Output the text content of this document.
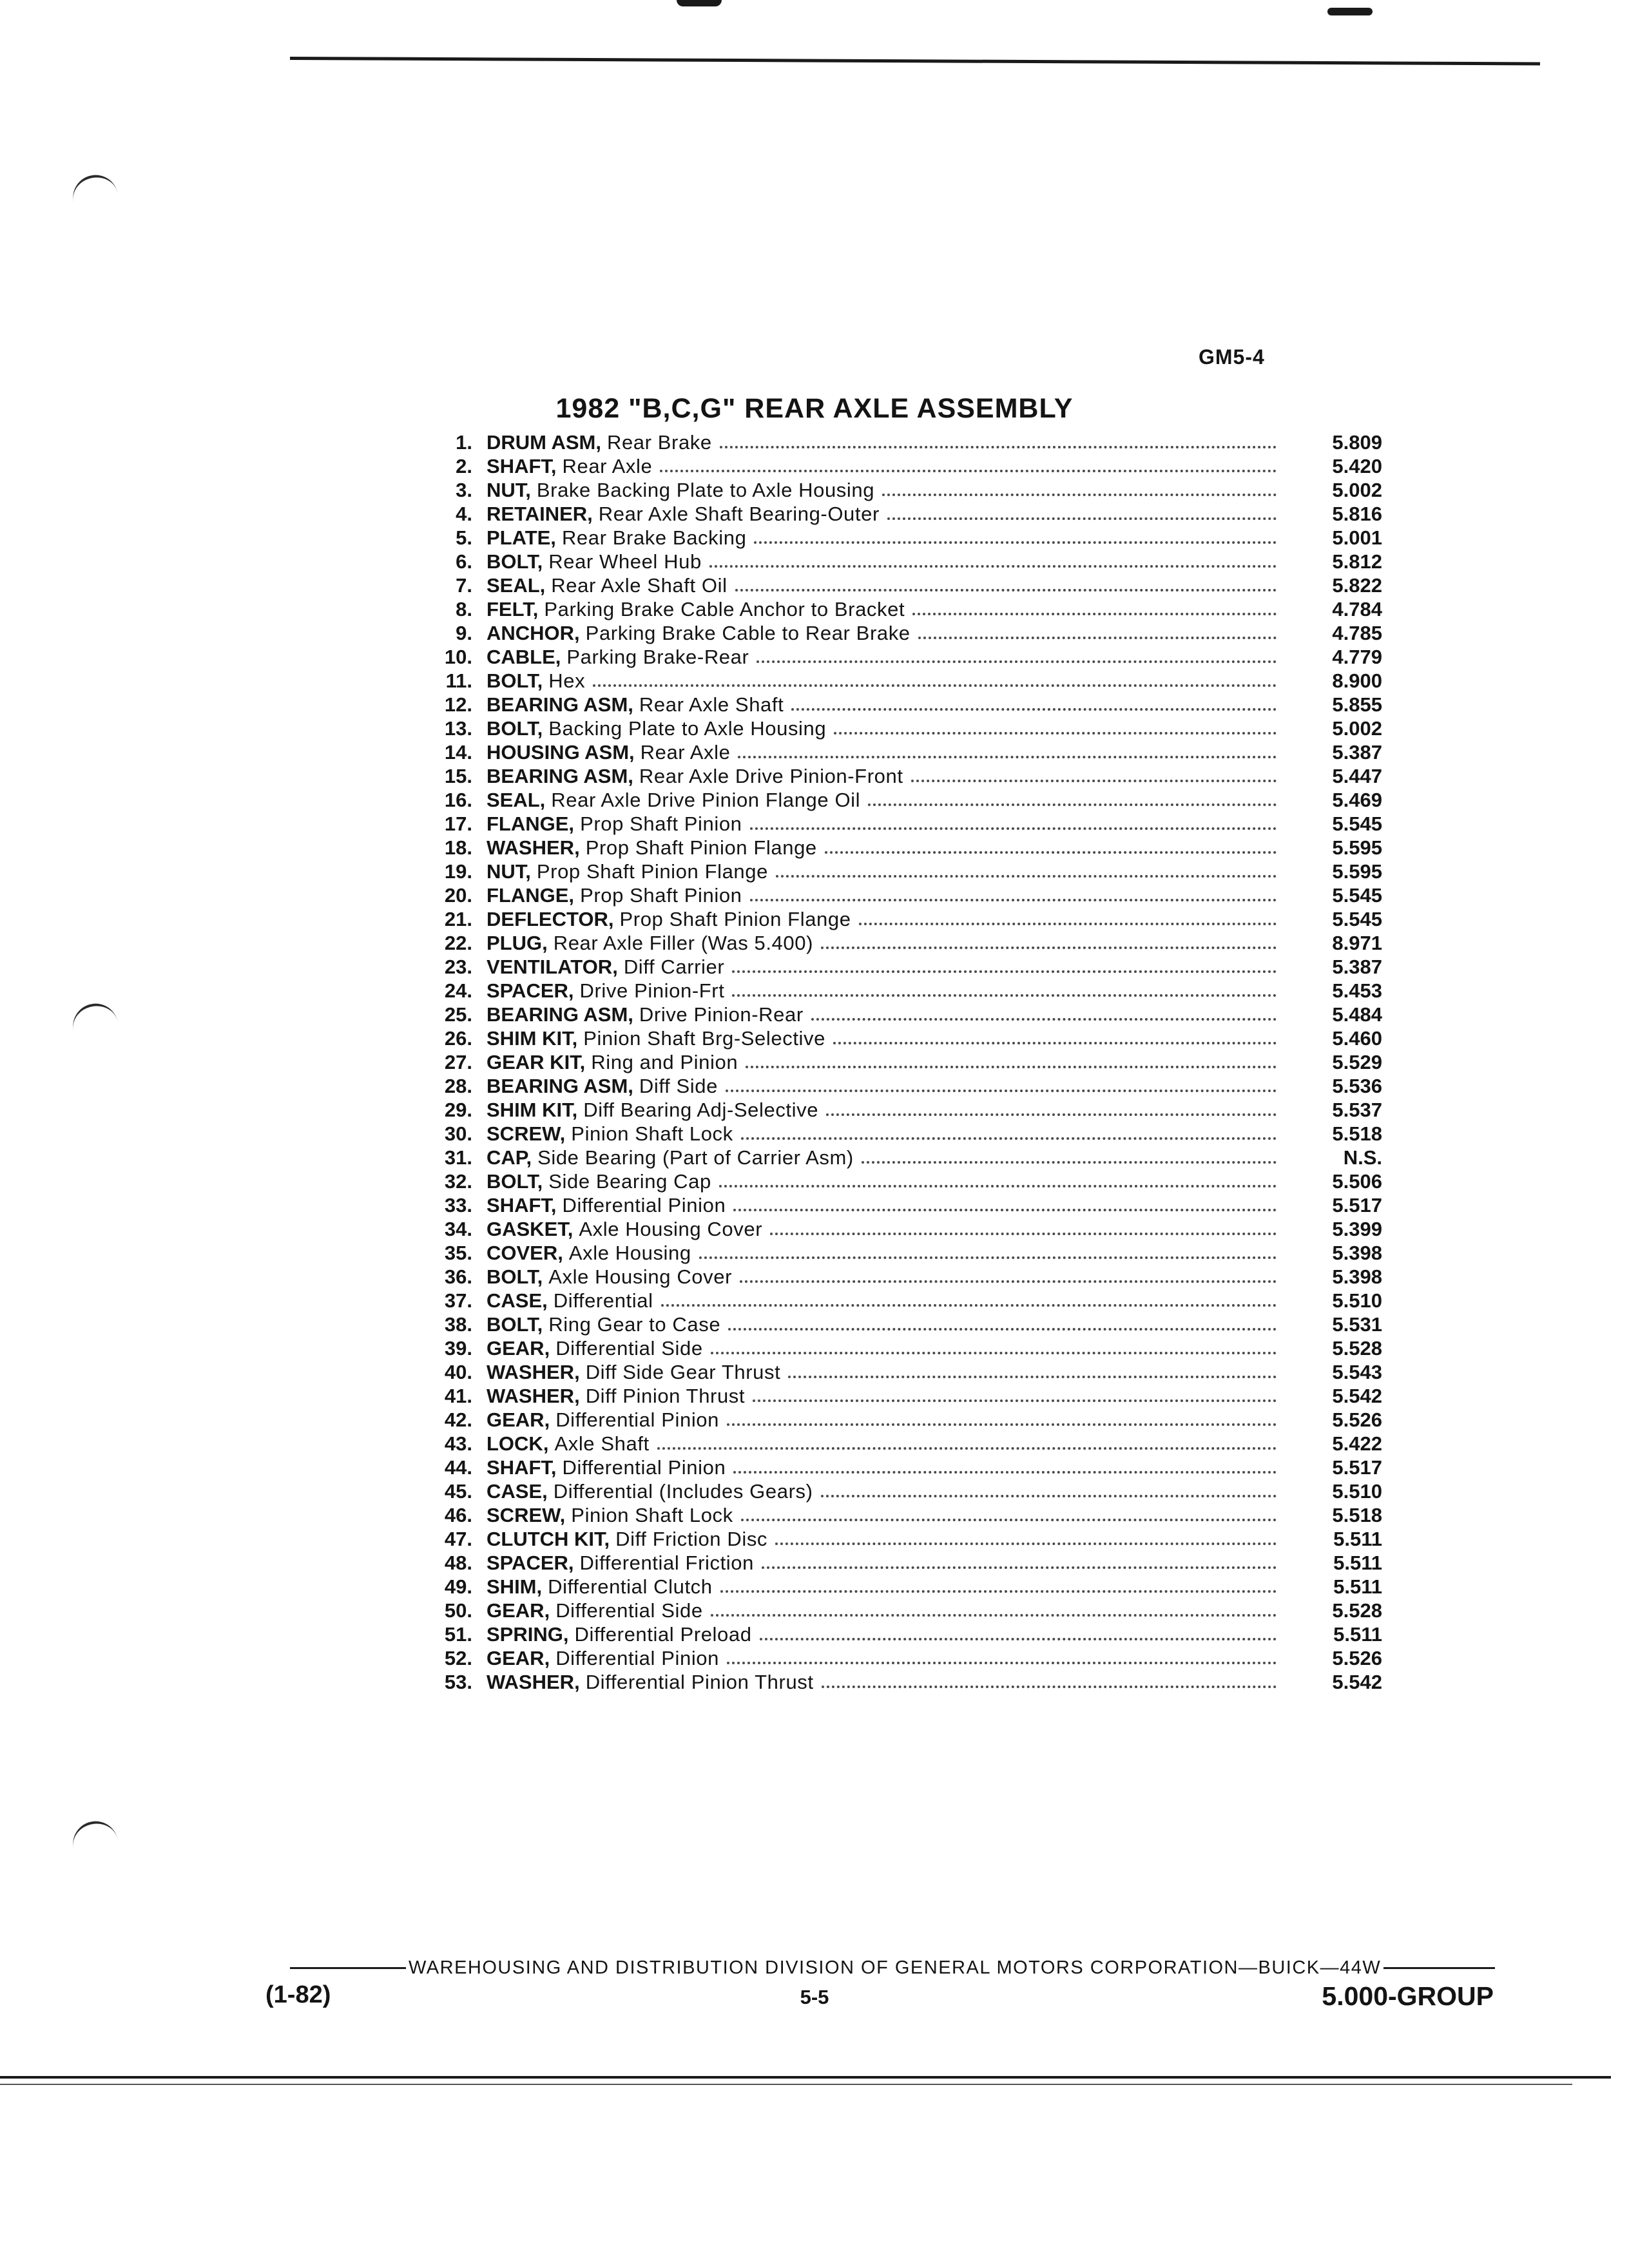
GM5-4
1982 "B,C,G" REAR AXLE ASSEMBLY
1. DRUM ASM, Rear Brake	5.809
2. SHAFT, Rear Axle	5.420
3. NUT, Brake Backing Plate to Axle Housing	5.002
4. RETAINER, Rear Axle Shaft Bearing-Outer	5.816
5. PLATE, Rear Brake Backing	5.001
6. BOLT, Rear Wheel Hub	5.812
7. SEAL, Rear Axle Shaft Oil	5.822
8. FELT, Parking Brake Cable Anchor to Bracket	4.784
9. ANCHOR, Parking Brake Cable to Rear Brake	4.785
10. CABLE, Parking Brake-Rear	4.779
11. BOLT, Hex	8.900
12. BEARING ASM, Rear Axle Shaft	5.855
13. BOLT, Backing Plate to Axle Housing	5.002
14. HOUSING ASM, Rear Axle	5.387
15. BEARING ASM, Rear Axle Drive Pinion-Front	5.447
16. SEAL, Rear Axle Drive Pinion Flange Oil	5.469
17. FLANGE, Prop Shaft Pinion	5.545
18. WASHER, Prop Shaft Pinion Flange	5.595
19. NUT, Prop Shaft Pinion Flange	5.595
20. FLANGE, Prop Shaft Pinion	5.545
21. DEFLECTOR, Prop Shaft Pinion Flange	5.545
22. PLUG, Rear Axle Filler (Was 5.400)	8.971
23. VENTILATOR, Diff Carrier	5.387
24. SPACER, Drive Pinion-Frt	5.453
25. BEARING ASM, Drive Pinion-Rear	5.484
26. SHIM KIT, Pinion Shaft Brg-Selective	5.460
27. GEAR KIT, Ring and Pinion	5.529
28. BEARING ASM, Diff Side	5.536
29. SHIM KIT, Diff Bearing Adj-Selective	5.537
30. SCREW, Pinion Shaft Lock	5.518
31. CAP, Side Bearing (Part of Carrier Asm)	N.S.
32. BOLT, Side Bearing Cap	5.506
33. SHAFT, Differential Pinion	5.517
34. GASKET, Axle Housing Cover	5.399
35. COVER, Axle Housing	5.398
36. BOLT, Axle Housing Cover	5.398
37. CASE, Differential	5.510
38. BOLT, Ring Gear to Case	5.531
39. GEAR, Differential Side	5.528
40. WASHER, Diff Side Gear Thrust	5.543
41. WASHER, Diff Pinion Thrust	5.542
42. GEAR, Differential Pinion	5.526
43. LOCK, Axle Shaft	5.422
44. SHAFT, Differential Pinion	5.517
45. CASE, Differential (Includes Gears)	5.510
46. SCREW, Pinion Shaft Lock	5.518
47. CLUTCH KIT, Diff Friction Disc	5.511
48. SPACER, Differential Friction	5.511
49. SHIM, Differential Clutch	5.511
50. GEAR, Differential Side	5.528
51. SPRING, Differential Preload	5.511
52. GEAR, Differential Pinion	5.526
53. WASHER, Differential Pinion Thrust	5.542
WAREHOUSING AND DISTRIBUTION DIVISION OF GENERAL MOTORS CORPORATION—BUICK—44W
(1-82)	5-5	5.000-GROUP
